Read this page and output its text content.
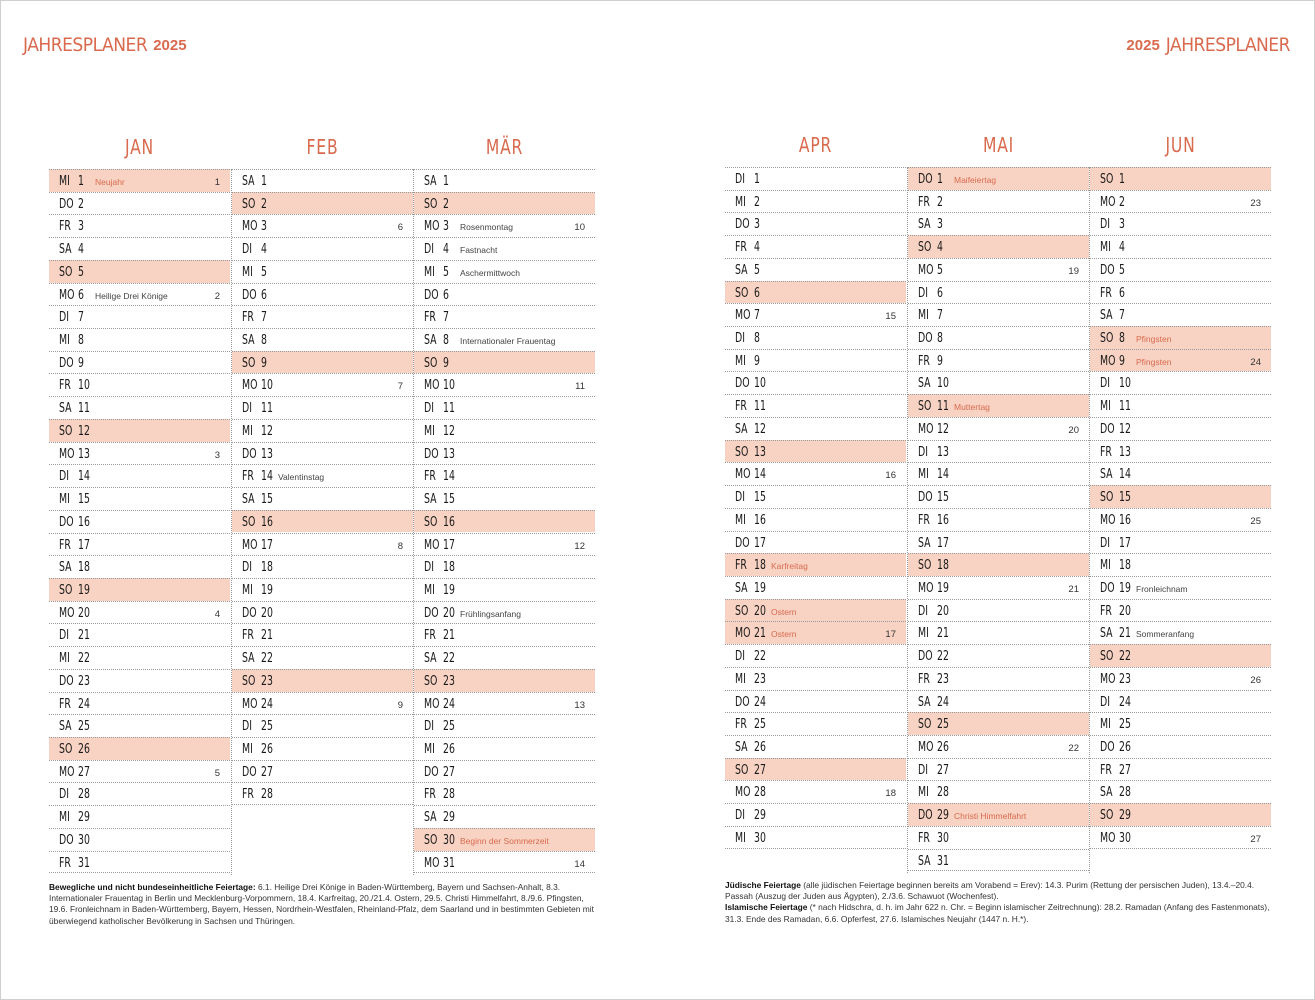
JAHRESPLANER 2025	2025 JAHRESPLANER
JAN
MI 1 Neujahr	1
DO 2
FR 3
SA 4
SO 5
MO 6 Heilige Drei Könige	2
DI 7
MI 8
DO 9
FR 10
SA 11
SO 12
MO 13	3
DI 14
MI 15
DO 16
FR 17
SA 18
SO 19
MO 20	4
DI 21
MI 22
DO 23
FR 24
SA 25
SO 26
MO 27	5
DI 28
MI 29
DO 30
FR 31
FEB
SA 1
SO 2
MO 3	6
DI 4
MI 5
DO 6
FR 7
SA 8
SO 9
MO 10	7
DI 11
MI 12
DO 13
FR 14 Valentinstag
SA 15
SO 16
MO 17	8
DI 18
MI 19
DO 20
FR 21
SA 22
SO 23
MO 24	9
DI 25
MI 26
DO 27
FR 28
MÄR
SA 1
SO 2
MO 3 Rosenmontag	10
DI 4 Fastnacht
MI 5 Aschermittwoch
DO 6
FR 7
SA 8 Internationaler Frauentag
SO 9
MO 10	11
DI 11
MI 12
DO 13
FR 14
SA 15
SO 16
MO 17	12
DI 18
MI 19
DO 20 Frühlingsanfang
FR 21
SA 22
SO 23
MO 24	13
DI 25
MI 26
DO 27
FR 28
SA 29
SO 30 Beginn der Sommerzeit
MO 31	14
APR
DI 1
MI 2
DO 3
FR 4
SA 5
SO 6
MO 7	15
DI 8
MI 9
DO 10
FR 11
SA 12
SO 13
MO 14	16
DI 15
MI 16
DO 17
FR 18 Karfreitag
SA 19
SO 20 Ostern
MO 21 Ostern	17
DI 22
MI 23
DO 24
FR 25
SA 26
SO 27
MO 28	18
DI 29
MI 30
MAI
DO 1 Maifeiertag
FR 2
SA 3
SO 4
MO 5	19
DI 6
MI 7
DO 8
FR 9
SA 10
SO 11 Muttertag
MO 12	20
DI 13
MI 14
DO 15
FR 16
SA 17
SO 18
MO 19	21
DI 20
MI 21
DO 22
FR 23
SA 24
SO 25
MO 26	22
DI 27
MI 28
DO 29 Christi Himmelfahrt
FR 30
SA 31
JUN
SO 1
MO 2	23
DI 3
MI 4
DO 5
FR 6
SA 7
SO 8 Pfingsten
MO 9 Pfingsten	24
DI 10
MI 11
DO 12
FR 13
SA 14
SO 15
MO 16	25
DI 17
MI 18
DO 19 Fronleichnam
FR 20
SA 21 Sommeranfang
SO 22
MO 23	26
DI 24
MI 25
DO 26
FR 27
SA 28
SO 29
MO 30	27
Bewegliche und nicht bundeseinheitliche Feiertage: 6.1. Heilige Drei Könige in Baden-Württemberg, Bayern und Sachsen-Anhalt, 8.3. Internationaler Frauentag in Berlin und Mecklenburg-Vorpommern, 18.4. Karfreitag, 20./21.4. Ostern, 29.5. Christi Himmelfahrt, 8./9.6. Pfingsten, 19.6. Fronleichnam in Baden-Württemberg, Bayern, Hessen, Nordrhein-Westfalen, Rheinland-Pfalz, dem Saarland und in bestimmten Gebieten mit überwiegend katholischer Bevölkerung in Sachsen und Thüringen.
Jüdische Feiertage (alle jüdischen Feiertage beginnen bereits am Vorabend = Erev): 14.3. Purim (Rettung der persischen Juden), 13.4.–20.4. Passah (Auszug der Juden aus Ägypten), 2./3.6. Schawuot (Wochenfest).
Islamische Feiertage (* nach Hidschra, d. h. im Jahr 622 n. Chr. = Beginn islamischer Zeitrechnung): 28.2. Ramadan (Anfang des Fastenmonats), 31.3. Ende des Ramadan, 6.6. Opferfest, 27.6. Islamisches Neujahr (1447 n. H.*).
